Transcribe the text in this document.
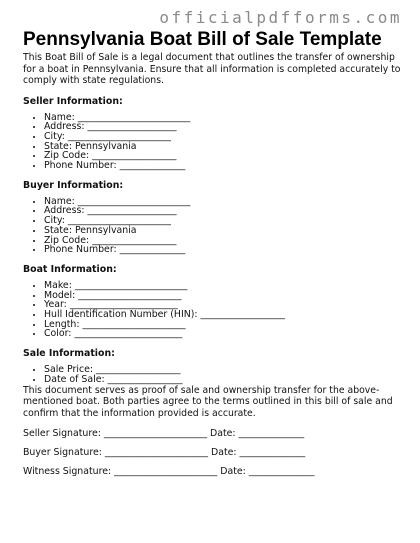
officialpdfforms.com
Pennsylvania Boat Bill of Sale Template

This Boat Bill of Sale is a legal document that outlines the transfer of ownership for a boat in Pennsylvania. Ensure that all information is completed accurately to comply with state regulations.

Seller Information:
• Name: ________________________
• Address: ___________________
• City: ______________________
• State: Pennsylvania
• Zip Code: __________________
• Phone Number: ______________
Buyer Information:
• Name: ________________________
• Address: ___________________
• City: ______________________
• State: Pennsylvania
• Zip Code: __________________
• Phone Number: ______________
Boat Information:
• Make: ________________________
• Model: ______________________
• Year: _______________________
• Hull Identification Number (HIN): __________________
• Length: ______________________
• Color: _______________________
Sale Information:
• Sale Price: __________________
• Date of Sale: ________________

This document serves as proof of sale and ownership transfer for the above-mentioned boat. Both parties agree to the terms outlined in this bill of sale and confirm that the information provided is accurate.

Seller Signature: ______________________ Date: ______________
Buyer Signature: ______________________ Date: ______________
Witness Signature: ______________________ Date: ______________
